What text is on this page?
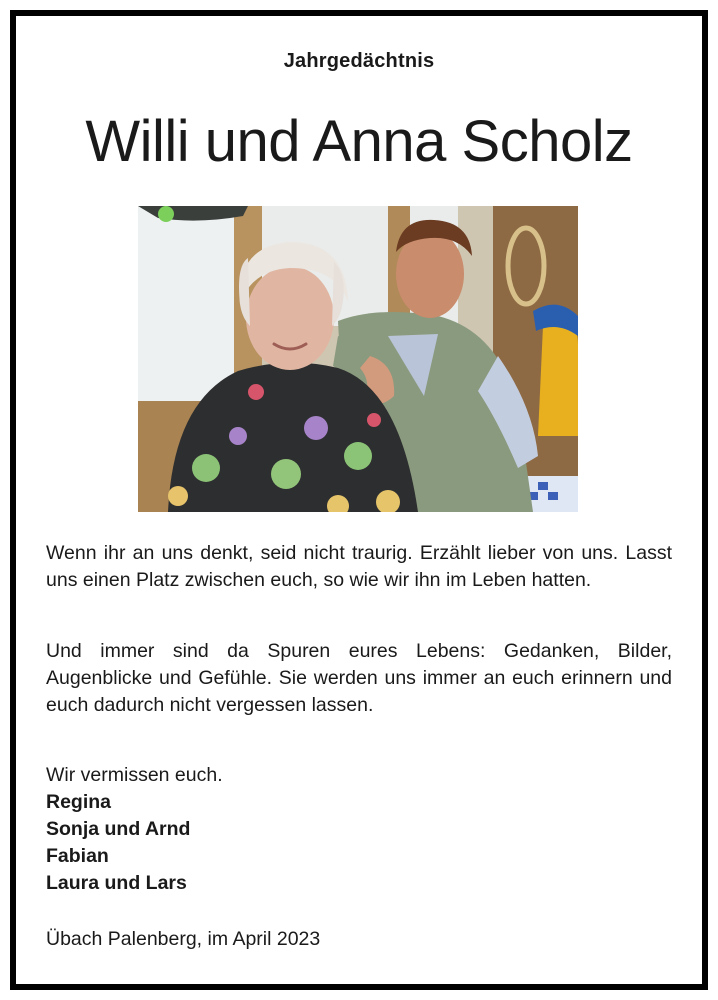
Jahrgedächtnis
Willi und Anna Scholz
Wenn ihr an uns denkt, seid nicht traurig. Erzählt lieber von uns. Lasst uns einen Platz zwischen euch, so wie wir ihn im Leben hatten.
Und immer sind da Spuren eures Lebens: Gedanken, Bilder, Augenblicke und Gefühle. Sie werden uns immer an euch erinnern und euch dadurch nicht vergessen lassen.
Wir vermissen euch.
Regina
Sonja und Arnd
Fabian
Laura und Lars
Übach Palenberg, im April 2023
